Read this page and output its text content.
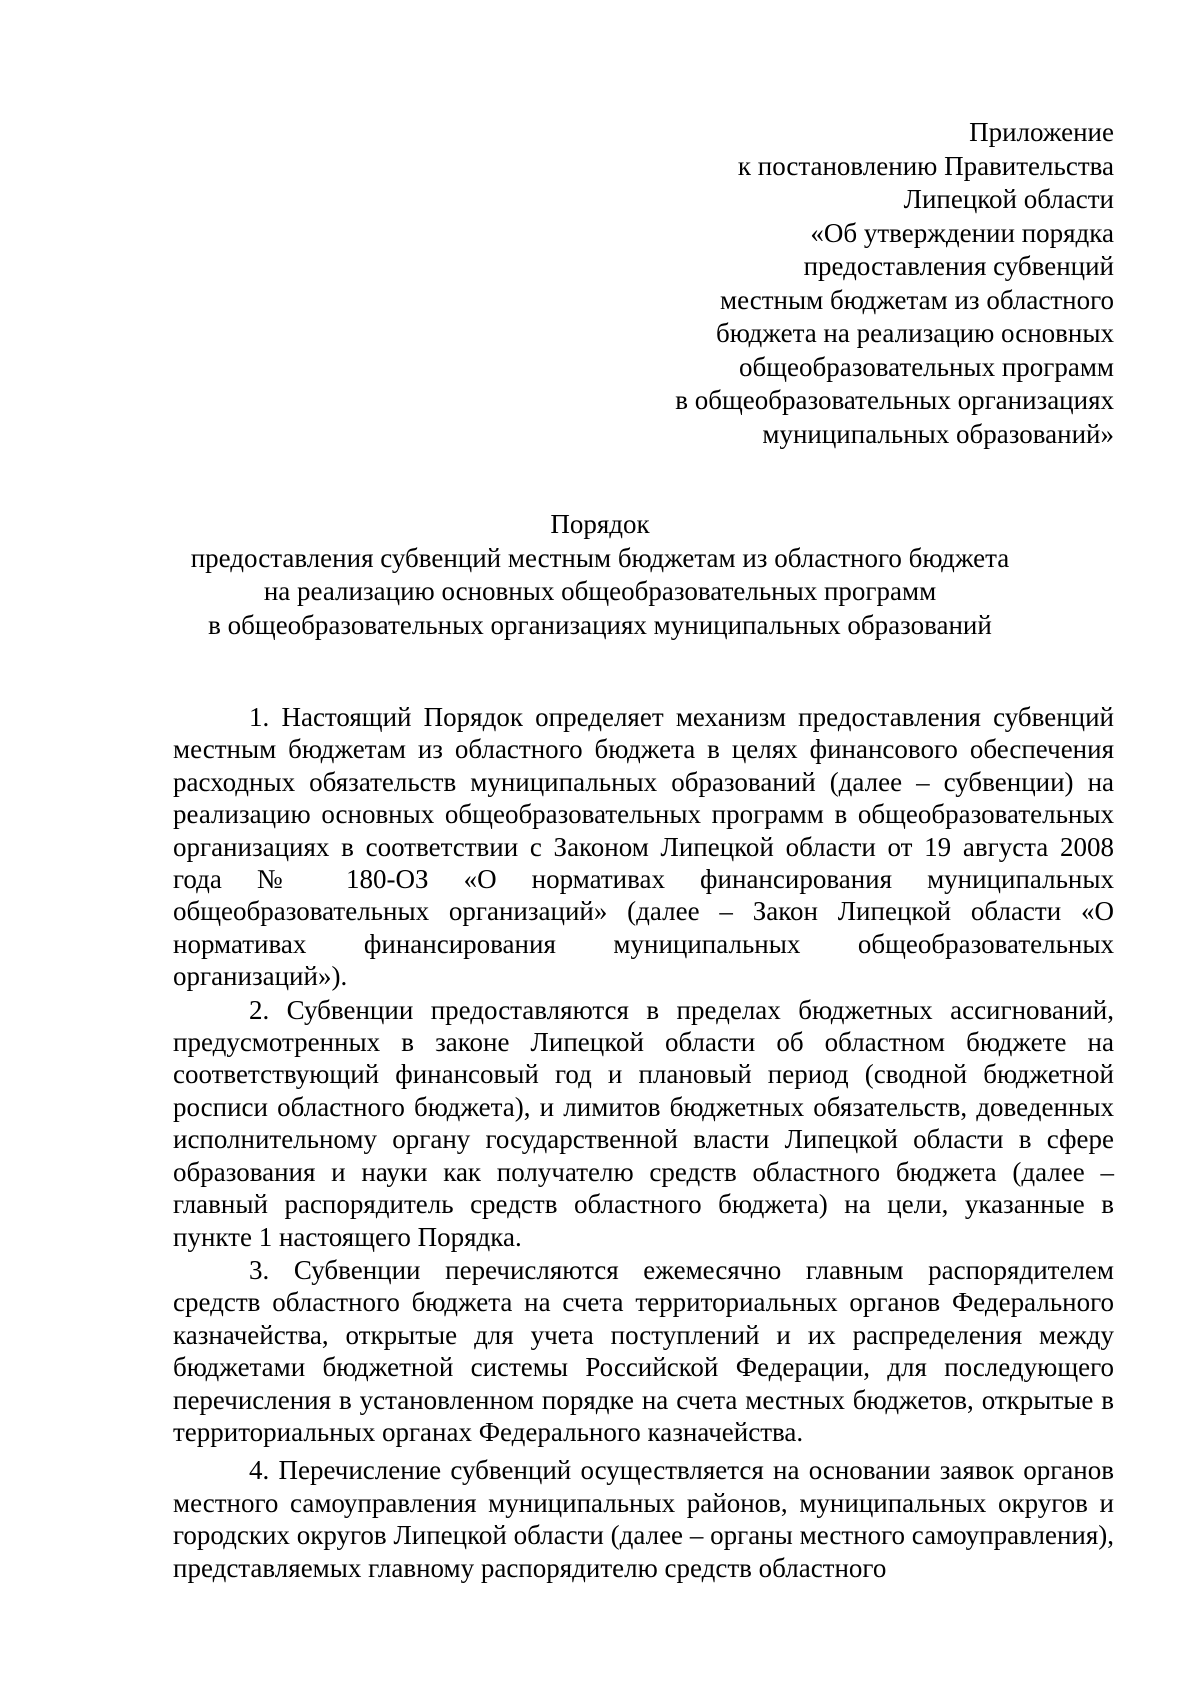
Приложение
к постановлению Правительства
Липецкой области
«Об утверждении порядка
предоставления субвенций
местным бюджетам из областного
бюджета на реализацию основных
общеобразовательных программ
в общеобразовательных организациях
муниципальных образований»
Порядок
предоставления субвенций местным бюджетам из областного бюджета
на реализацию основных общеобразовательных программ
в общеобразовательных организациях муниципальных образований

1. Настоящий Порядок определяет механизм предоставления субвенций местным бюджетам из областного бюджета в целях финансового обеспечения расходных обязательств муниципальных образований (далее – субвенции) на реализацию основных общеобразовательных программ в общеобразовательных организациях в соответствии с Законом Липецкой области от 19 августа 2008 года № 180-ОЗ «О нормативах финансирования муниципальных общеобразовательных организаций» (далее – Закон Липецкой области «О нормативах финансирования муниципальных общеобразовательных организаций»).

2. Субвенции предоставляются в пределах бюджетных ассигнований, предусмотренных в законе Липецкой области об областном бюджете на соответствующий финансовый год и плановый период (сводной бюджетной росписи областного бюджета), и лимитов бюджетных обязательств, доведенных исполнительному органу государственной власти Липецкой области в сфере образования и науки как получателю средств областного бюджета (далее – главный распорядитель средств областного бюджета) на цели, указанные в пункте 1 настоящего Порядка.

3. Субвенции перечисляются ежемесячно главным распорядителем средств областного бюджета на счета территориальных органов Федерального казначейства, открытые для учета поступлений и их распределения между бюджетами бюджетной системы Российской Федерации, для последующего перечисления в установленном порядке на счета местных бюджетов, открытые в территориальных органах Федерального казначейства.

4. Перечисление субвенций осуществляется на основании заявок органов местного самоуправления муниципальных районов, муниципальных округов и городских округов Липецкой области (далее – органы местного самоуправления), представляемых главному распорядителю средств областного
